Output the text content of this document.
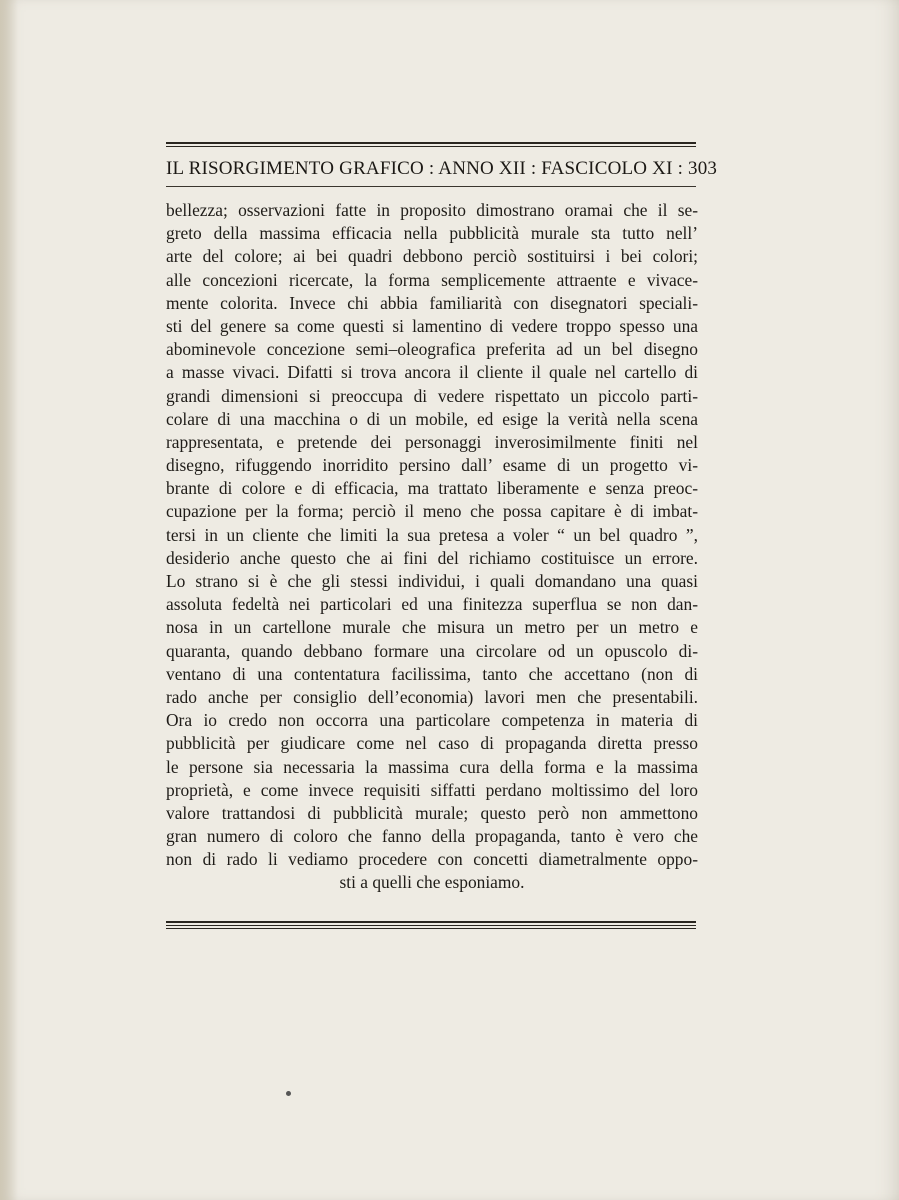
IL RISORGIMENTO GRAFICO : ANNO XII : FASCICOLO XI : 303
bellezza; osservazioni fatte in proposito dimostrano oramai che il se-
greto della massima efficacia nella pubblicità murale sta tutto nell’
arte del colore; ai bei quadri debbono perciò sostituirsi i bei colori;
alle concezioni ricercate, la forma semplicemente attraente e vivace-
mente colorita. Invece chi abbia familiarità con disegnatori speciali-
sti del genere sa come questi si lamentino di vedere troppo spesso una
abominevole concezione semi–oleografica preferita ad un bel disegno
a masse vivaci. Difatti si trova ancora il cliente il quale nel cartello di
grandi dimensioni si preoccupa di vedere rispettato un piccolo parti-
colare di una macchina o di un mobile, ed esige la verità nella scena
rappresentata, e pretende dei personaggi inverosimilmente finiti nel
disegno, rifuggendo inorridito persino dall’ esame di un progetto vi-
brante di colore e di efficacia, ma trattato liberamente e senza preoc-
cupazione per la forma; perciò il meno che possa capitare è di imbat-
tersi in un cliente che limiti la sua pretesa a voler “ un bel quadro ”,
desiderio anche questo che ai fini del richiamo costituisce un errore.
Lo strano si è che gli stessi individui, i quali domandano una quasi
assoluta fedeltà nei particolari ed una finitezza superflua se non dan-
nosa in un cartellone murale che misura un metro per un metro e
quaranta, quando debbano formare una circolare od un opuscolo di-
ventano di una contentatura facilissima, tanto che accettano (non di
rado anche per consiglio dell’economia) lavori men che presentabili.
Ora io credo non occorra una particolare competenza in materia di
pubblicità per giudicare come nel caso di propaganda diretta presso
le persone sia necessaria la massima cura della forma e la massima
proprietà, e come invece requisiti siffatti perdano moltissimo del loro
valore trattandosi di pubblicità murale; questo però non ammettono
gran numero di coloro che fanno della propaganda, tanto è vero che
non di rado li vediamo procedere con concetti diametralmente oppo-
sti a quelli che esponiamo.
